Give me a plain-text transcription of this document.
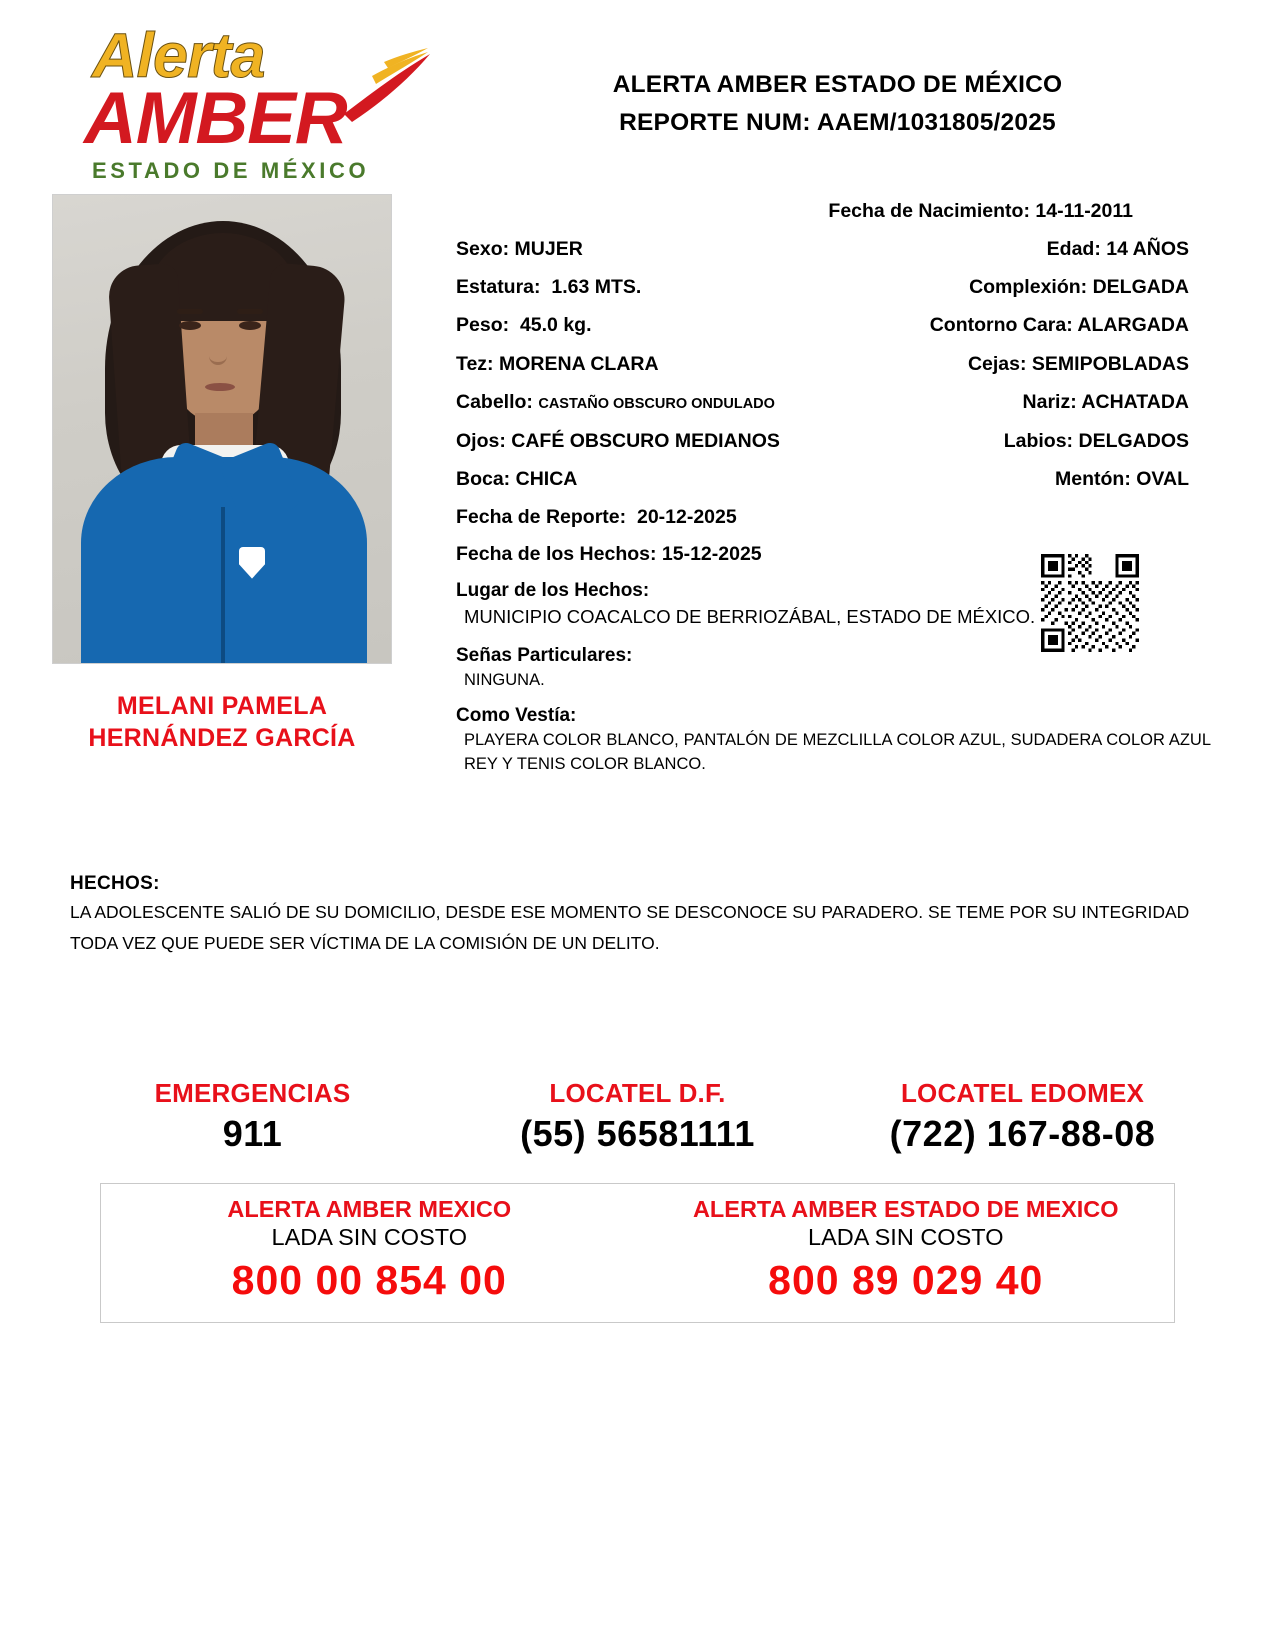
Alerta
AMBER
ESTADO DE MÉXICO
ALERTA AMBER ESTADO DE MÉXICO
REPORTE NUM: AAEM/1031805/2025
MELANI PAMELA HERNÁNDEZ GARCÍA
Fecha de Nacimiento: 14-11-2011
Sexo: MUJER	Edad: 14 AÑOS
Estatura: 1.63 MTS.	Complexión: DELGADA
Peso: 45.0 kg.	Contorno Cara: ALARGADA
Tez: MORENA CLARA	Cejas: SEMIPOBLADAS
Cabello: CASTAÑO OBSCURO ONDULADO	Nariz: ACHATADA
Ojos: CAFÉ OBSCURO MEDIANOS	Labios: DELGADOS
Boca: CHICA	Mentón: OVAL
Fecha de Reporte: 20-12-2025
Fecha de los Hechos: 15-12-2025
Lugar de los Hechos:
MUNICIPIO COACALCO DE BERRIOZÁBAL, ESTADO DE MÉXICO.
Señas Particulares:
NINGUNA.
Como Vestía:
PLAYERA COLOR BLANCO, PANTALÓN DE MEZCLILLA COLOR AZUL, SUDADERA COLOR AZUL REY Y TENIS COLOR BLANCO.
HECHOS:
LA ADOLESCENTE SALIÓ DE SU DOMICILIO, DESDE ESE MOMENTO SE DESCONOCE SU PARADERO. SE TEME POR SU INTEGRIDAD TODA VEZ QUE PUEDE SER VÍCTIMA DE LA COMISIÓN DE UN DELITO.
EMERGENCIAS
911
LOCATEL D.F.
(55) 56581111
LOCATEL EDOMEX
(722) 167-88-08
ALERTA AMBER MEXICO
LADA SIN COSTO
800 00 854 00
ALERTA AMBER ESTADO DE MEXICO
LADA SIN COSTO
800 89 029 40
